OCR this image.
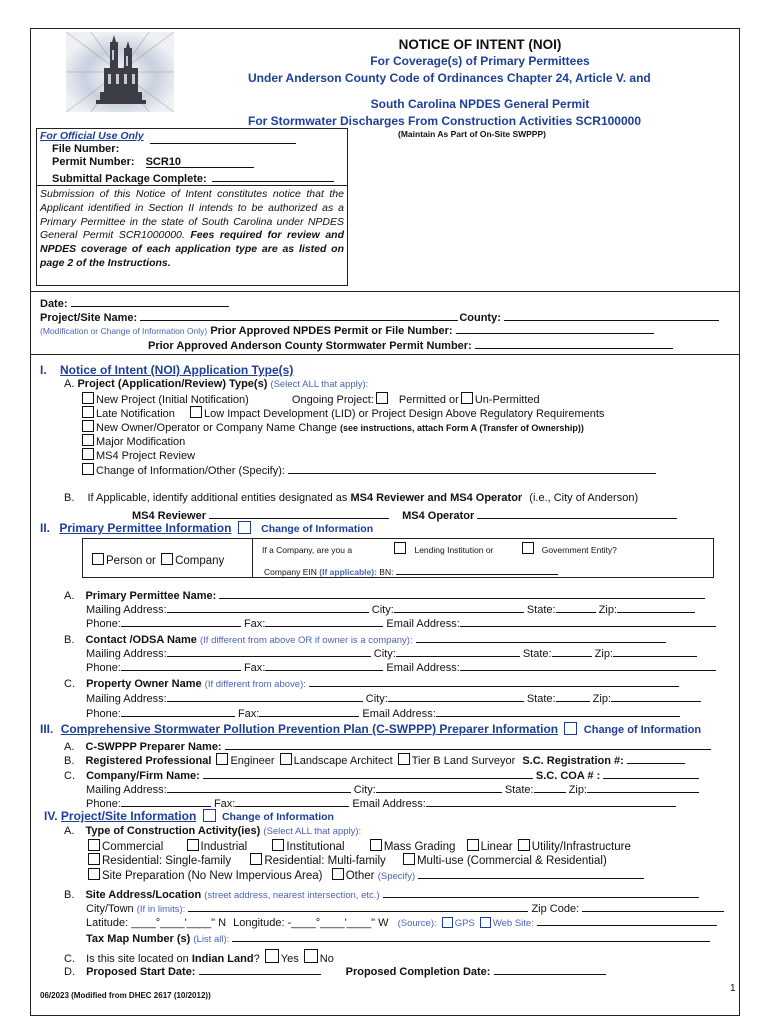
NOTICE OF INTENT (NOI)
For Coverage(s) of Primary Permittees
Under Anderson County Code of Ordinances Chapter 24, Article V. and
South Carolina NPDES General Permit
For Stormwater Discharges From Construction Activities SCR100000
(Maintain As Part of On-Site SWPPP)
For Official Use Only
File Number:
Permit Number: SCR10
Submittal Package Complete:
Submission of this Notice of Intent constitutes notice that the Applicant identified in Section II intends to be authorized as a Primary Permittee in the state of South Carolina under NPDES General Permit SCR1000000. Fees required for review and NPDES coverage of each application type are as listed on page 2 of the Instructions.
Date:
Project/Site Name:	County:
(Modification or Change of Information Only) Prior Approved NPDES Permit or File Number:
Prior Approved Anderson County Stormwater Permit Number:
I. Notice of Intent (NOI) Application Type(s)
A. Project (Application/Review) Type(s) (Select ALL that apply):
New Project (Initial Notification)	Ongoing Project: Permitted or Un-Permitted
Late Notification	Low Impact Development (LID) or Project Design Above Regulatory Requirements
New Owner/Operator or Company Name Change (see instructions, attach Form A (Transfer of Ownership))
Major Modification
MS4 Project Review
Change of Information/Other (Specify):
B. If Applicable, identify additional entities designated as MS4 Reviewer and MS4 Operator (i.e., City of Anderson)
MS4 Reviewer	MS4 Operator
II. Primary Permittee Information	Change of Information
Person or Company
If a Company, are you a	Lending Institution or	Government Entity?
Company EIN (If applicable): BN:
A. Primary Permittee Name:
Mailing Address:	City:	State:	Zip:
Phone:	Fax:	Email Address:
B. Contact /ODSA Name (If different from above OR if owner is a company):
Mailing Address:	City:	State:	Zip:
Phone:	Fax:	Email Address:
C. Property Owner Name (If different from above):
Mailing Address:	City:	State:	Zip:
Phone:	Fax:	Email Address:
III. Comprehensive Stormwater Pollution Prevention Plan (C-SWPPP) Preparer Information Change of Information
A. C-SWPPP Preparer Name:
B. Registered Professional Engineer Landscape Architect Tier B Land Surveyor S.C. Registration #:
C. Company/Firm Name:	S.C. COA # :
Mailing Address:	City:	State:	Zip:
Phone:	Fax:	Email Address:
IV. Project/Site Information Change of Information
A. Type of Construction Activity(ies) (Select ALL that apply):
Commercial	Industrial	Institutional	Mass Grading Linear Utility/Infrastructure
Residential: Single-family	Residential: Multi-family	Multi-use (Commercial & Residential)
Site Preparation (No New Impervious Area) Other (Specify)
B. Site Address/Location (street address, nearest intersection, etc.)
City/Town (If in limits):	Zip Code:
Latitude: ____°____'____" N Longitude: -____°____'____" W (Source): GPS Web Site:
Tax Map Number (s) (List all):
C. Is this site located on Indian Land? Yes No
D. Proposed Start Date:	Proposed Completion Date:
06/2023 (Modified from DHEC 2617 (10/2012))
1
